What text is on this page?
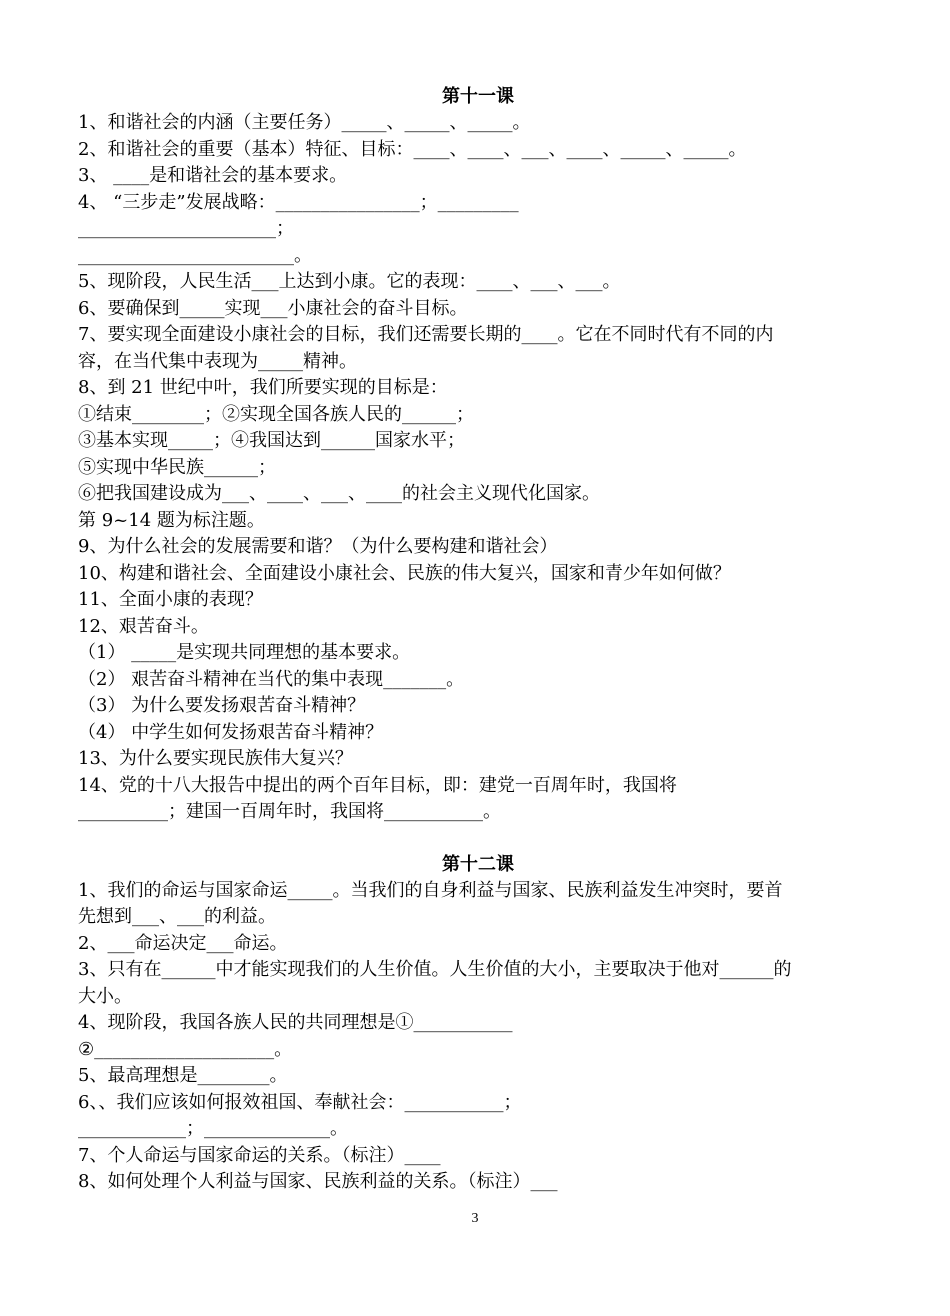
第十一课
1、和谐社会的内涵（主要任务）_____、_____、_____。
2、和谐社会的重要（基本）特征、目标：____、____、___、____、_____、_____。
3、 ____是和谐社会的基本要求。
4、 “三步走”发展战略：________________；_________
______________________；
________________________。
5、现阶段，人民生活___上达到小康。它的表现：____、___、___。
6、要确保到_____实现___小康社会的奋斗目标。
7、要实现全面建设小康社会的目标，我们还需要长期的____。它在不同时代有不同的内
容，在当代集中表现为_____精神。
8、到 21 世纪中叶，我们所要实现的目标是：
①结束________；②实现全国各族人民的______；
③基本实现_____；④我国达到______国家水平；
⑤实现中华民族______；
⑥把我国建设成为___、____、___、____的社会主义现代化国家。
第 9~14 题为标注题。
9、为什么社会的发展需要和谐？（为什么要构建和谐社会）
10、构建和谐社会、全面建设小康社会、民族的伟大复兴，国家和青少年如何做？
11、全面小康的表现？
12、艰苦奋斗。
（1） _____是实现共同理想的基本要求。
（2） 艰苦奋斗精神在当代的集中表现_______。
（3） 为什么要发扬艰苦奋斗精神？
（4） 中学生如何发扬艰苦奋斗精神？
13、为什么要实现民族伟大复兴？
14、党的十八大报告中提出的两个百年目标，即：建党一百周年时，我国将
__________；建国一百周年时，我国将___________。
第十二课
1、我们的命运与国家命运_____。当我们的自身利益与国家、民族利益发生冲突时，要首
先想到___、___的利益。
2、___命运决定___命运。
3、只有在______中才能实现我们的人生价值。人生价值的大小，主要取决于他对______的
大小。
4、现阶段，我国各族人民的共同理想是①___________
②____________________。
5、最高理想是________。
6、、我们应该如何报效祖国、奉献社会：___________；
____________；______________。
7、个人命运与国家命运的关系。（标注）____
8、如何处理个人利益与国家、民族利益的关系。（标注）___
3
